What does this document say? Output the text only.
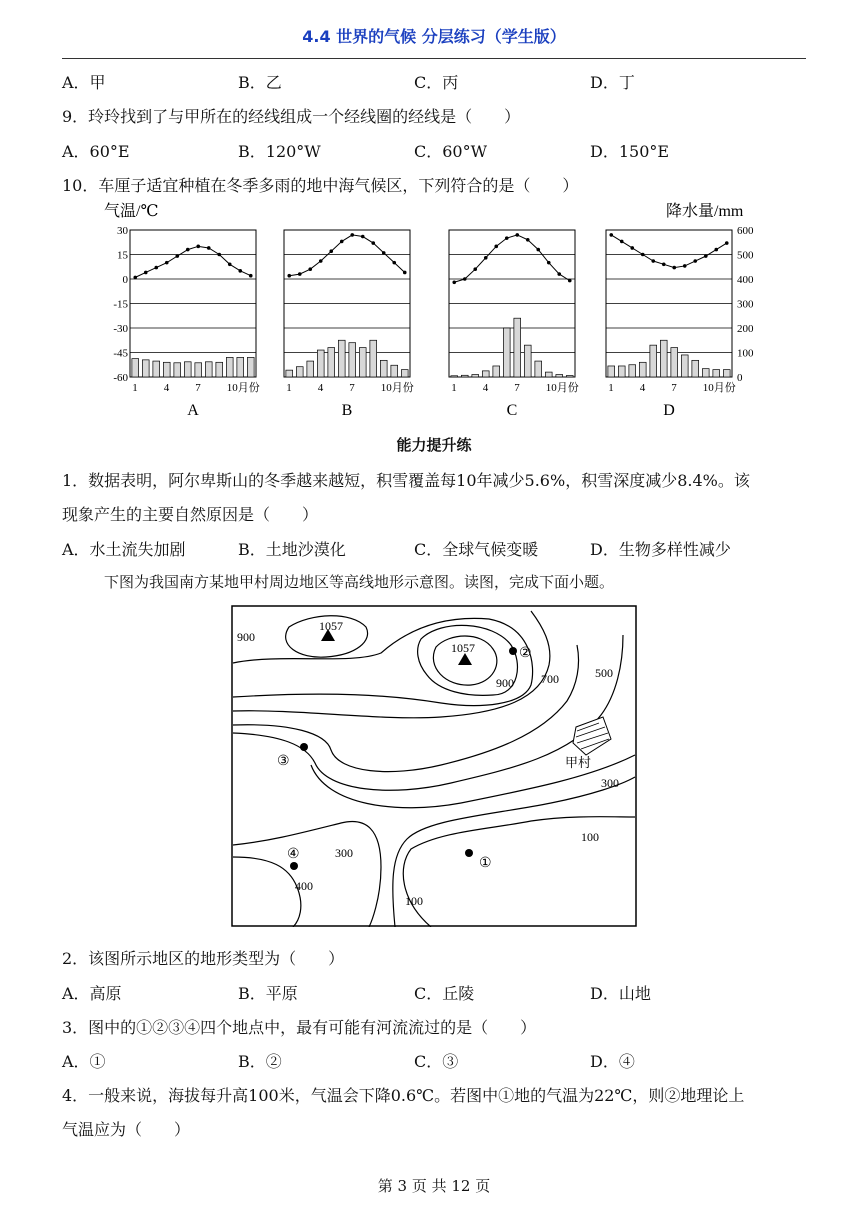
4.4 世界的气候 分层练习（学生版）
A．甲	B．乙	C．丙	D．丁
9．玲玲找到了与甲所在的经线组成一个经线圈的经线是（　　）
A．60°E	B．120°W	C．60°W	D．150°E
10．车厘子适宜种植在冬季多雨的地中海气候区，下列符合的是（　　）
气温/℃	降水量/mm
30
15
0
-15
-30
-45
-60
600
500
400
300
200
100
0
1 4 7 10月份
A
1 4 7 10月份
B
1 4 7 10月份
C
1 4 7 10月份
D
能力提升练
1．数据表明，阿尔卑斯山的冬季越来越短，积雪覆盖每10年减少5.6%，积雪深度减少8.4%。该
现象产生的主要自然原因是（　　）
A．水土流失加剧	B．土地沙漠化	C．全球气候变暖	D．生物多样性减少
下图为我国南方某地甲村周边地区等高线地形示意图。读图，完成下面小题。
1057
1057
900
900 700	500
300
100
300
400
100
甲村
①
②
③
④
2．该图所示地区的地形类型为（　　）
A．高原	B．平原	C．丘陵	D．山地
3．图中的①②③④四个地点中，最有可能有河流流过的是（　　）
A．①	B．②	C．③	D．④
4．一般来说，海拔每升高100米，气温会下降0.6℃。若图中①地的气温为22℃，则②地理论上
气温应为（　　）
第 3 页 共 12 页
